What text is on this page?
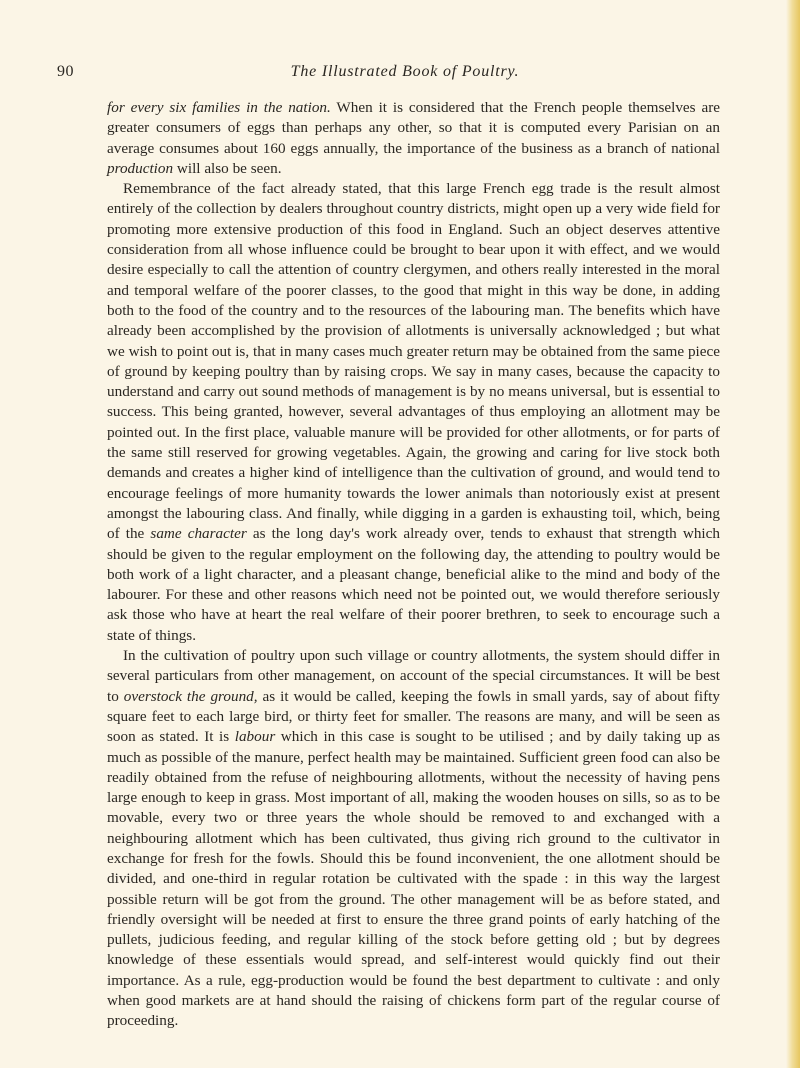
90	The Illustrated Book of Poultry.

for every six families in the nation. When it is considered that the French people themselves are greater consumers of eggs than perhaps any other, so that it is computed every Parisian on an average consumes about 160 eggs annually, the importance of the business as a branch of national production will also be seen.

Remembrance of the fact already stated, that this large French egg trade is the result almost entirely of the collection by dealers throughout country districts, might open up a very wide field for promoting more extensive production of this food in England. Such an object deserves attentive consideration from all whose influence could be brought to bear upon it with effect, and we would desire especially to call the attention of country clergymen, and others really interested in the moral and temporal welfare of the poorer classes, to the good that might in this way be done, in adding both to the food of the country and to the resources of the labouring man. The benefits which have already been accomplished by the provision of allotments is universally acknowledged ; but what we wish to point out is, that in many cases much greater return may be obtained from the same piece of ground by keeping poultry than by raising crops. We say in many cases, because the capacity to understand and carry out sound methods of management is by no means universal, but is essential to success. This being granted, however, several advantages of thus employing an allotment may be pointed out. In the first place, valuable manure will be provided for other allotments, or for parts of the same still reserved for growing vegetables. Again, the growing and caring for live stock both demands and creates a higher kind of intelligence than the cultivation of ground, and would tend to encourage feelings of more humanity towards the lower animals than notoriously exist at present amongst the labouring class. And finally, while digging in a garden is exhausting toil, which, being of the same character as the long day's work already over, tends to exhaust that strength which should be given to the regular employment on the following day, the attending to poultry would be both work of a light character, and a pleasant change, beneficial alike to the mind and body of the labourer. For these and other reasons which need not be pointed out, we would therefore seriously ask those who have at heart the real welfare of their poorer brethren, to seek to encourage such a state of things.

In the cultivation of poultry upon such village or country allotments, the system should differ in several particulars from other management, on account of the special circumstances. It will be best to overstock the ground, as it would be called, keeping the fowls in small yards, say of about fifty square feet to each large bird, or thirty feet for smaller. The reasons are many, and will be seen as soon as stated. It is labour which in this case is sought to be utilised ; and by daily taking up as much as possible of the manure, perfect health may be maintained. Sufficient green food can also be readily obtained from the refuse of neighbouring allotments, without the necessity of having pens large enough to keep in grass. Most important of all, making the wooden houses on sills, so as to be movable, every two or three years the whole should be removed to and exchanged with a neighbouring allotment which has been cultivated, thus giving rich ground to the cultivator in exchange for fresh for the fowls. Should this be found inconvenient, the one allotment should be divided, and one-third in regular rotation be cultivated with the spade : in this way the largest possible return will be got from the ground. The other management will be as before stated, and friendly oversight will be needed at first to ensure the three grand points of early hatching of the pullets, judicious feeding, and regular killing of the stock before getting old ; but by degrees knowledge of these essentials would spread, and self-interest would quickly find out their importance. As a rule, egg-production would be found the best department to cultivate : and only when good markets are at hand should the raising of chickens form part of the regular course of proceeding.
